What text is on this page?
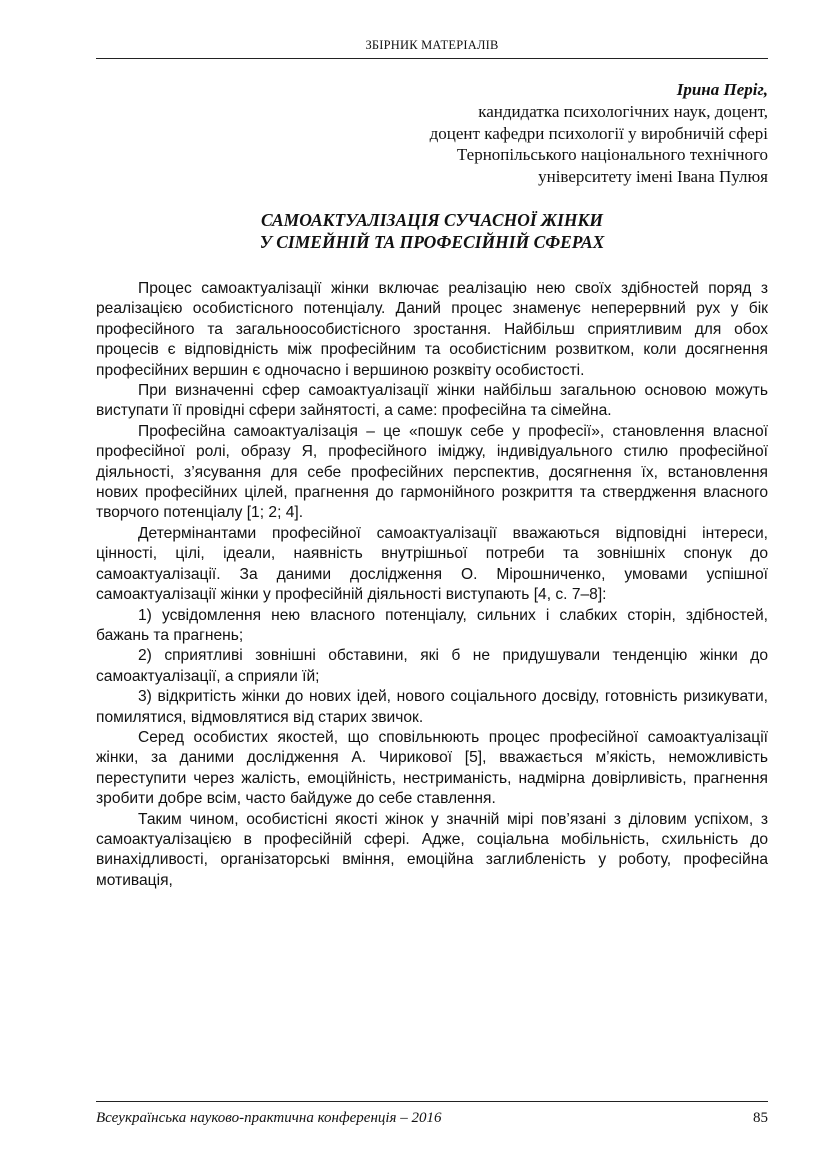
ЗБІРНИК МАТЕРІАЛІВ
Ірина Періг,
кандидатка психологічних наук, доцент,
доцент кафедри психології у виробничій сфері
Тернопільського національного технічного
університету імені Івана Пулюя
САМОАКТУАЛІЗАЦІЯ СУЧАСНОЇ ЖІНКИ
У СІМЕЙНІЙ ТА ПРОФЕСІЙНІЙ СФЕРАХ

Процес самоактуалізації жінки включає реалізацію нею своїх здібностей поряд з реалізацією особистісного потенціалу. Даний процес знаменує неперервний рух у бік професійного та загальноособистісного зростання. Найбільш сприятливим для обох процесів є відповідність між професійним та особистісним розвитком, коли досягнення професійних вершин є одночасно і вершиною розквіту особистості.

При визначенні сфер самоактуалізації жінки найбільш загальною основою можуть виступати її провідні сфери зайнятості, а саме: професійна та сімейна.

Професійна самоактуалізація – це «пошук себе у професії», становлення власної професійної ролі, образу Я, професійного іміджу, індивідуального стилю професійної діяльності, з’ясування для себе професійних перспектив, досягнення їх, встановлення нових професійних цілей, прагнення до гармонійного розкриття та ствердження власного творчого потенціалу [1; 2; 4].

Детермінантами професійної самоактуалізації вважаються відповідні інтереси, цінності, цілі, ідеали, наявність внутрішньої потреби та зовнішніх спонук до самоактуалізації. За даними дослідження О. Мірошниченко, умовами успішної самоактуалізації жінки у професійній діяльності виступають [4, с. 7–8]:

1) усвідомлення нею власного потенціалу, сильних і слабких сторін, здібностей, бажань та прагнень;

2) сприятливі зовнішні обставини, які б не придушували тенденцію жінки до самоактуалізації, а сприяли їй;

3) відкритість жінки до нових ідей, нового соціального досвіду, готовність ризикувати, помилятися, відмовлятися від старих звичок.

Серед особистих якостей, що сповільнюють процес професійної самоактуалізації жінки, за даними дослідження А. Чирикової [5], вважається м’якість, неможливість переступити через жалість, емоційність, нестриманість, надмірна довірливість, прагнення зробити добре всім, часто байдуже до себе ставлення.

Таким чином, особистісні якості жінок у значній мірі пов’язані з діловим успіхом, з самоактуалізацією в професійній сфері. Адже, соціальна мобільність, схильність до винахідливості, організаторські вміння, емоційна заглибленість у роботу, професійна мотивація,

Всеукраїнська науково-практична конференція – 2016	85
